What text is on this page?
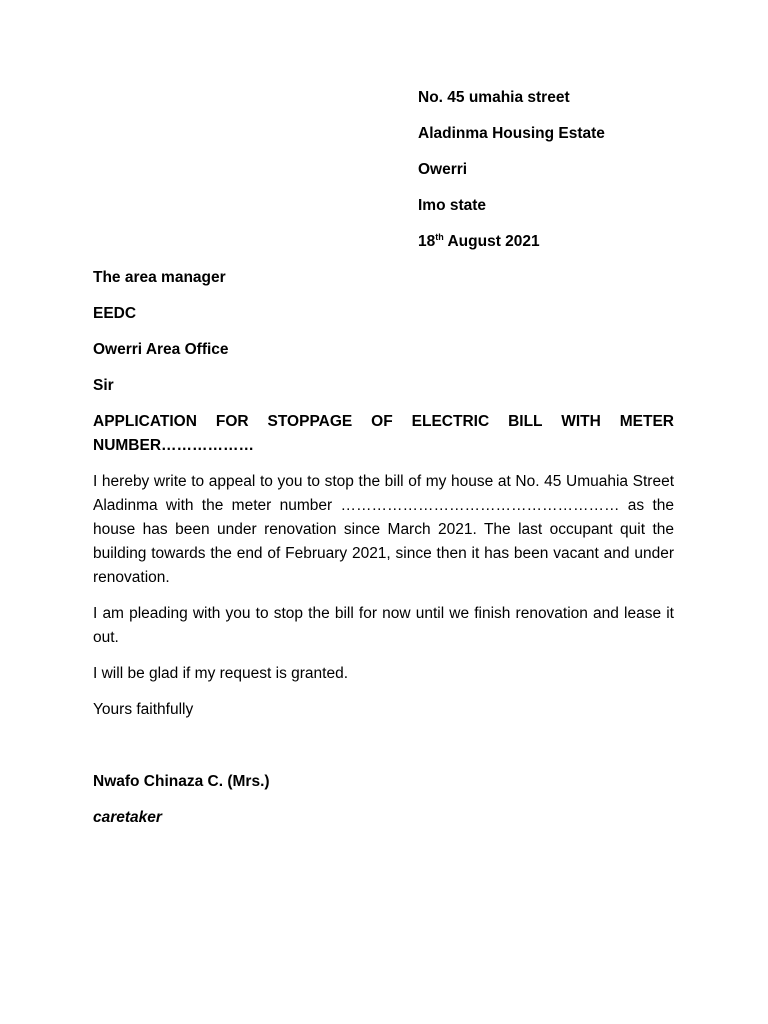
No. 45 umahia street
Aladinma Housing Estate
Owerri
Imo state
18th August 2021
The area manager
EEDC
Owerri Area Office
Sir
APPLICATION FOR STOPPAGE OF ELECTRIC BILL WITH METER
NUMBER………………
I hereby write to appeal to you to stop the bill of my house at No. 45 Umuahia Street Aladinma with the meter number ……………………………………………… as the house has been under renovation since March 2021. The last occupant quit the building towards the end of February 2021, since then it has been vacant and under renovation.
I am pleading with you to stop the bill for now until we finish renovation and lease it out.
I will be glad if my request is granted.
Yours faithfully
Nwafo Chinaza C. (Mrs.)
caretaker
